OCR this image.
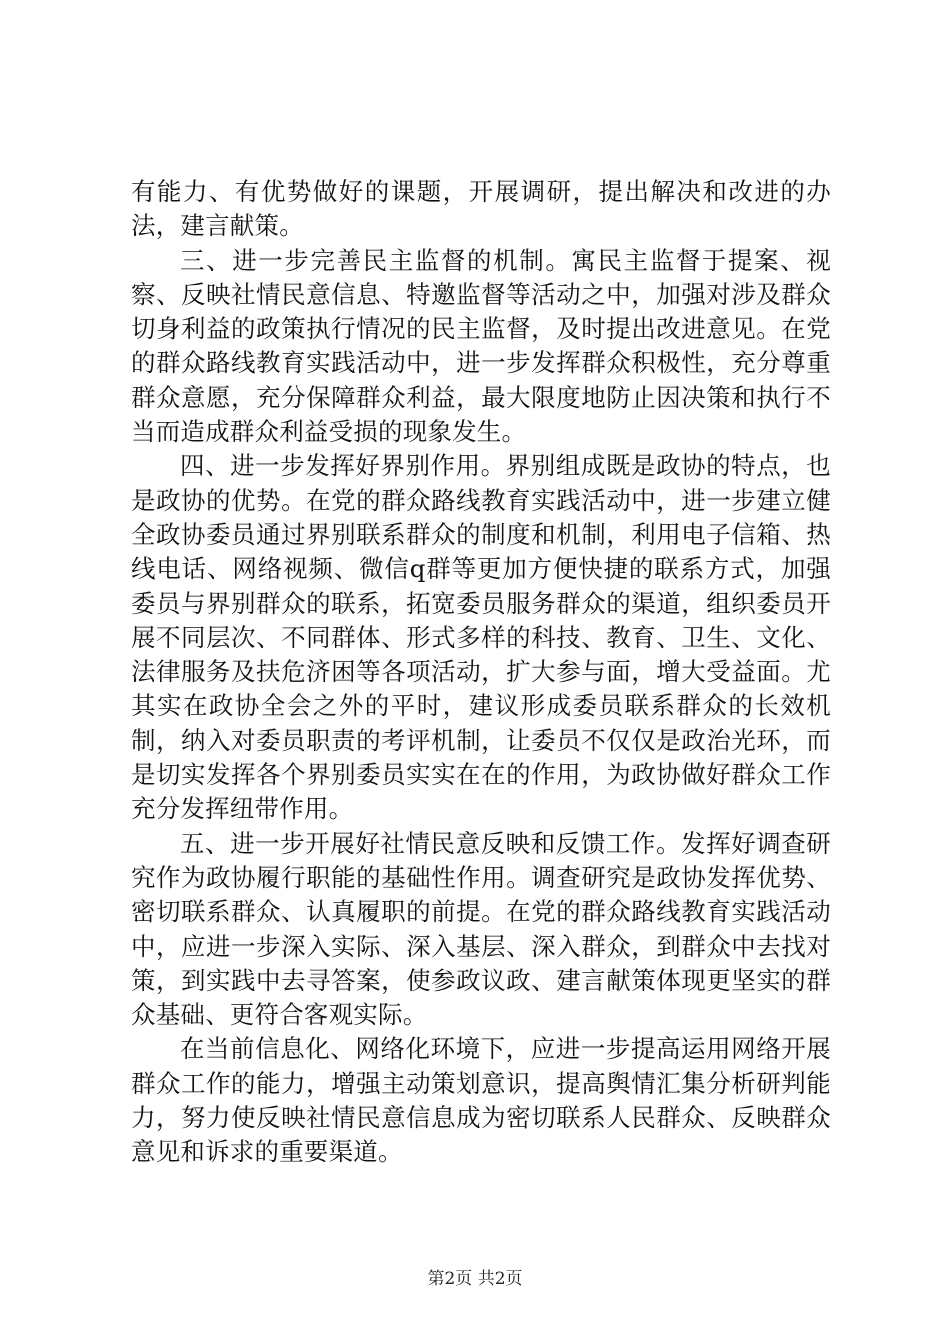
有能力、有优势做好的课题，开展调研，提出解决和改进的办法，建言献策。

三、进一步完善民主监督的机制。寓民主监督于提案、视察、反映社情民意信息、特邀监督等活动之中，加强对涉及群众切身利益的政策执行情况的民主监督，及时提出改进意见。在党的群众路线教育实践活动中，进一步发挥群众积极性，充分尊重群众意愿，充分保障群众利益，最大限度地防止因决策和执行不当而造成群众利益受损的现象发生。

四、进一步发挥好界别作用。界别组成既是政协的特点，也是政协的优势。在党的群众路线教育实践活动中，进一步建立健全政协委员通过界别联系群众的制度和机制，利用电子信箱、热线电话、网络视频、微信q群等更加方便快捷的联系方式，加强委员与界别群众的联系，拓宽委员服务群众的渠道，组织委员开展不同层次、不同群体、形式多样的科技、教育、卫生、文化、法律服务及扶危济困等各项活动，扩大参与面，增大受益面。尤其实在政协全会之外的平时，建议形成委员联系群众的长效机制，纳入对委员职责的考评机制，让委员不仅仅是政治光环，而是切实发挥各个界别委员实实在在的作用，为政协做好群众工作充分发挥纽带作用。

五、进一步开展好社情民意反映和反馈工作。发挥好调查研究作为政协履行职能的基础性作用。调查研究是政协发挥优势、密切联系群众、认真履职的前提。在党的群众路线教育实践活动中，应进一步深入实际、深入基层、深入群众，到群众中去找对策，到实践中去寻答案，使参政议政、建言献策体现更坚实的群众基础、更符合客观实际。

在当前信息化、网络化环境下，应进一步提高运用网络开展群众工作的能力，增强主动策划意识，提高舆情汇集分析研判能力，努力使反映社情民意信息成为密切联系人民群众、反映群众意见和诉求的重要渠道。

第2页 共2页
